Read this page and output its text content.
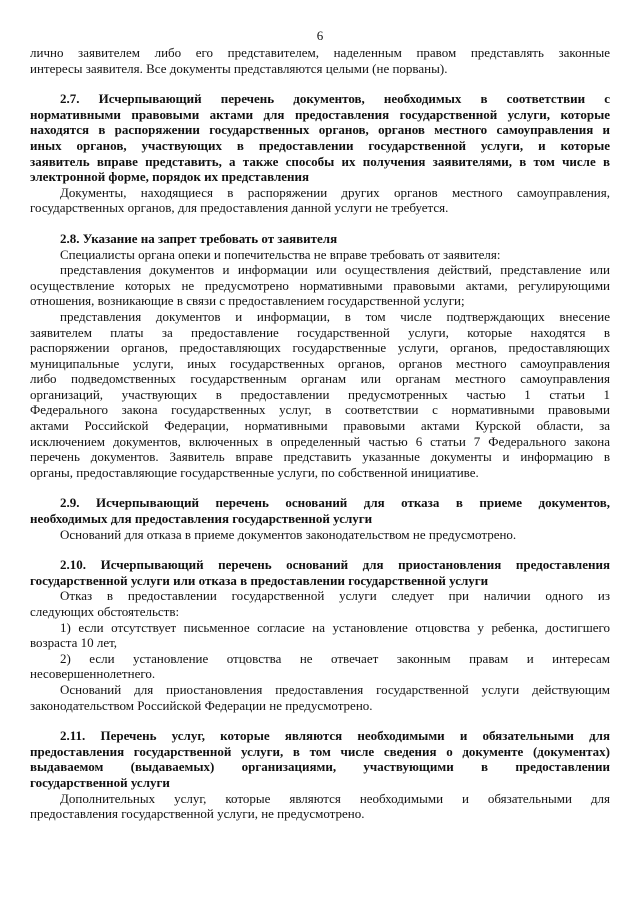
6
лично заявителем либо его представителем, наделенным правом представлять законные
интересы заявителя. Все документы представляются целыми (не порваны).
2.7. Исчерпывающий перечень документов, необходимых в соответствии с
нормативными правовыми актами для предоставления государственной услуги, которые
находятся в распоряжении государственных органов, органов местного самоуправления и
иных органов, участвующих в предоставлении государственной услуги, и которые
заявитель вправе представить, а также способы их получения заявителями, в том числе в
электронной форме, порядок их представления
Документы, находящиеся в распоряжении других органов местного самоуправления,
государственных органов, для предоставления данной услуги не требуется.
2.8. Указание на запрет требовать от заявителя
Специалисты органа опеки и попечительства не вправе требовать от заявителя:
представления документов и информации или осуществления действий, представление или
осуществление которых не предусмотрено нормативными правовыми актами, регулирующими
отношения, возникающие в связи с предоставлением государственной услуги;
представления документов и информации, в том числе подтверждающих внесение
заявителем платы за предоставление государственной услуги, которые находятся в
распоряжении органов, предоставляющих государственные услуги, органов, предоставляющих
муниципальные услуги, иных государственных органов, органов местного самоуправления
либо подведомственных государственным органам или органам местного самоуправления
организаций, участвующих в предоставлении предусмотренных частью 1 статьи 1
Федерального закона государственных услуг, в соответствии с нормативными правовыми
актами Российской Федерации, нормативными правовыми актами Курской области, за
исключением документов, включенных в определенный частью 6 статьи 7 Федерального закона
перечень документов. Заявитель вправе представить указанные документы и информацию в
органы, предоставляющие государственные услуги, по собственной инициативе.
2.9. Исчерпывающий перечень оснований для отказа в приеме документов,
необходимых для предоставления государственной услуги
Оснований для отказа в приеме документов законодательством не предусмотрено.
2.10. Исчерпывающий перечень оснований для приостановления предоставления
государственной услуги или отказа в предоставлении государственной услуги
Отказ в предоставлении государственной услуги следует при наличии одного из
следующих обстоятельств:
1) если отсутствует письменное согласие на установление отцовства у ребенка, достигшего
возраста 10 лет,
2) если установление отцовства не отвечает законным правам и интересам
несовершеннолетнего.
Оснований для приостановления предоставления государственной услуги действующим
законодательством Российской Федерации не предусмотрено.
2.11. Перечень услуг, которые являются необходимыми и обязательными для
предоставления государственной услуги, в том числе сведения о документе (документах)
выдаваемом (выдаваемых) организациями, участвующими в предоставлении
государственной услуги
Дополнительных услуг, которые являются необходимыми и обязательными для
предоставления государственной услуги, не предусмотрено.
